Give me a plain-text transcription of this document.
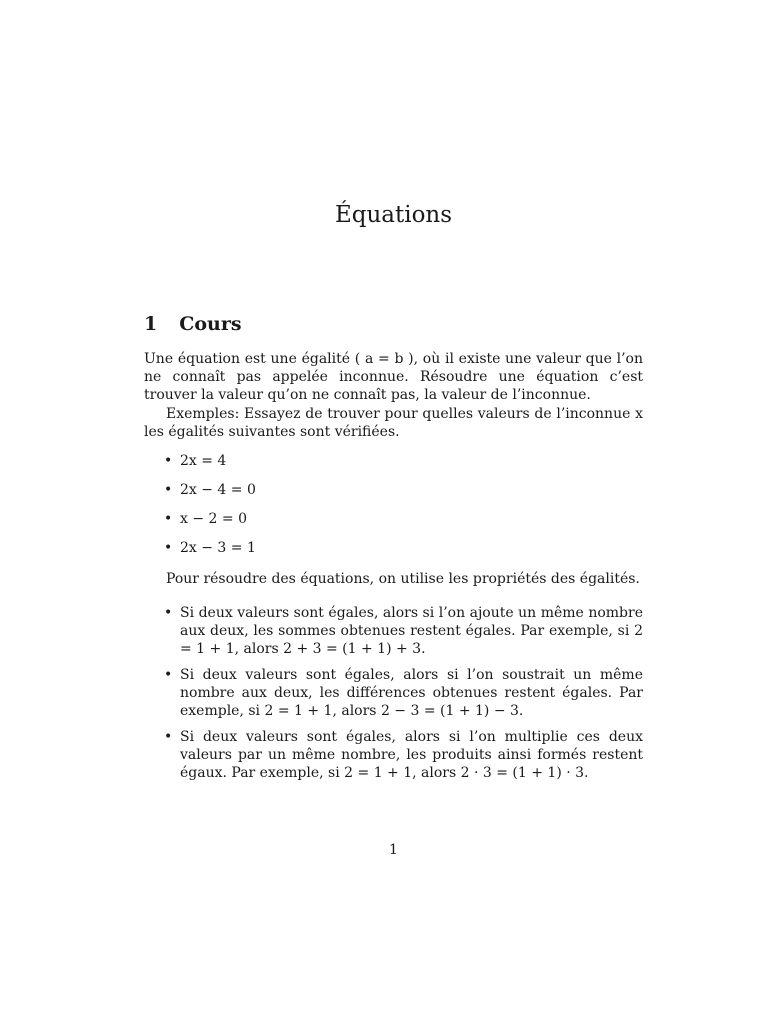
Équations
1 Cours

Une équation est une égalité ( a = b ), où il existe une valeur que l’on ne connaît pas appelée inconnue. Résoudre une équation c’est trouver la valeur qu’on ne connaît pas, la valeur de l’inconnue.

Exemples: Essayez de trouver pour quelles valeurs de l’inconnue x les égalités suivantes sont vérifiées.

• 2x = 4
• 2x − 4 = 0
• x − 2 = 0
• 2x − 3 = 1

Pour résoudre des équations, on utilise les propriétés des égalités.

• Si deux valeurs sont égales, alors si l’on ajoute un même nombre aux deux, les sommes obtenues restent égales. Par exemple, si 2 = 1 + 1, alors 2 + 3 = (1 + 1) + 3.

• Si deux valeurs sont égales, alors si l’on soustrait un même nombre aux deux, les différences obtenues restent égales. Par exemple, si 2 = 1 + 1, alors 2 − 3 = (1 + 1) − 3.

• Si deux valeurs sont égales, alors si l’on multiplie ces deux valeurs par un même nombre, les produits ainsi formés restent égaux. Par exemple, si 2 = 1 + 1, alors 2 · 3 = (1 + 1) · 3.

1
